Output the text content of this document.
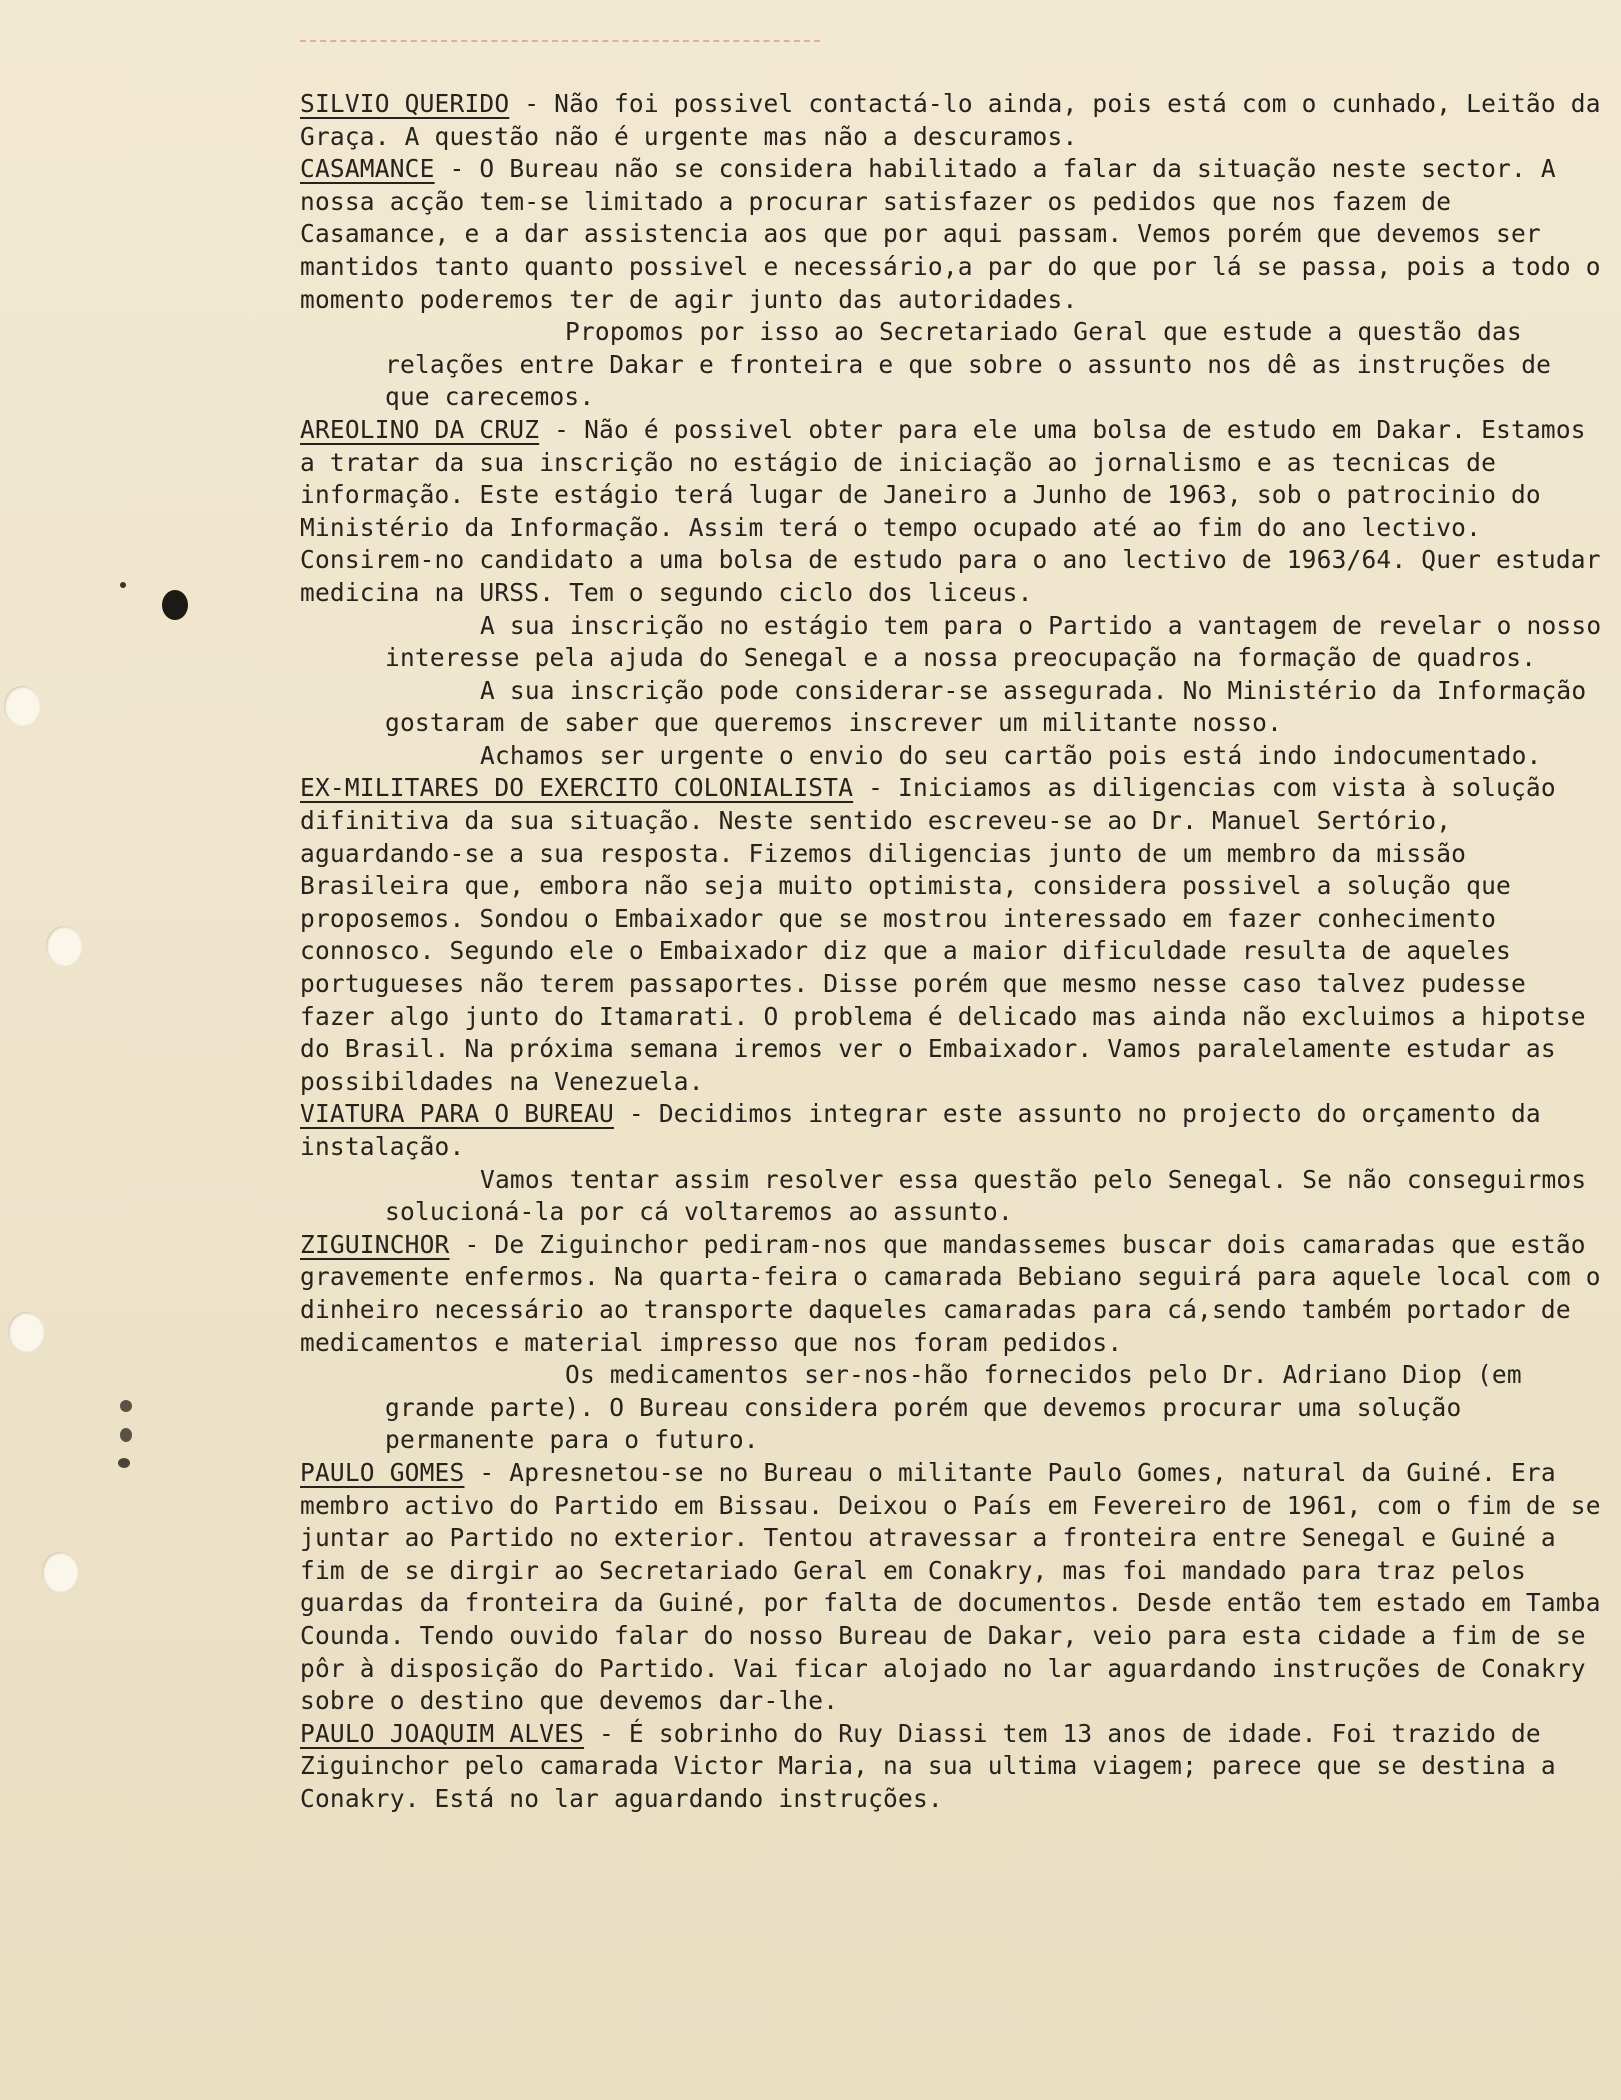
SILVIO QUERIDO - Não foi possivel contactá-lo ainda, pois está com o cunhado, Leitão da Graça. A questão não é urgente mas não a descuramos.

CASAMANCE - O Bureau não se considera habilitado a falar da situação neste sector. A nossa acção tem-se limitado a procurar satisfazer os pedidos que nos fazem de Casamance, e a dar assistencia aos que por aqui passam. Vemos porém que devemos ser mantidos tanto quanto possivel e necessário,a par do que por lá se passa, pois a todo o momento poderemos ter de agir junto das autoridades.

Propomos por isso ao Secretariado Geral que estude a questão das relações entre Dakar e fronteira e que sobre o assunto nos dê as instruções de que carecemos.

AREOLINO DA CRUZ - Não é possivel obter para ele uma bolsa de estudo em Dakar. Estamos a tratar da sua inscrição no estágio de iniciação ao jornalismo e as tecnicas de informação. Este estágio terá lugar de Janeiro a Junho de 1963, sob o patrocinio do Ministério da Informação. Assim terá o tempo ocupado até ao fim do ano lectivo. Consirem-no candidato a uma bolsa de estudo para o ano lectivo de 1963/64. Quer estudar medicina na URSS. Tem o segundo ciclo dos liceus.

A sua inscrição no estágio tem para o Partido a vantagem de revelar o nosso interesse pela ajuda do Senegal e a nossa preocupação na formação de quadros.

A sua inscrição pode considerar-se assegurada. No Ministério da Informação gostaram de saber que queremos inscrever um militante nosso.

Achamos ser urgente o envio do seu cartão pois está indo indocumentado.

EX-MILITARES DO EXERCITO COLONIALISTA - Iniciamos as diligencias com vista à solução difinitiva da sua situação. Neste sentido escreveu-se ao Dr. Manuel Sertório, aguardando-se a sua resposta. Fizemos diligencias junto de um membro da missão Brasileira que, embora não seja muito optimista, considera possivel a solução que proposemos. Sondou o Embaixador que se mostrou interessado em fazer conhecimento connosco. Segundo ele o Embaixador diz que a maior dificuldade resulta de aqueles portugueses não terem passaportes. Disse porém que mesmo nesse caso talvez pudesse fazer algo junto do Itamarati. O problema é delicado mas ainda não excluimos a hipotse do Brasil. Na próxima semana iremos ver o Embaixador. Vamos paralelamente estudar as possibildades na Venezuela.

VIATURA PARA O BUREAU - Decidimos integrar este assunto no projecto do orçamento da instalação.

Vamos tentar assim resolver essa questão pelo Senegal. Se não conseguirmos solucioná-la por cá voltaremos ao assunto.

ZIGUINCHOR - De Ziguinchor pediram-nos que mandassemes buscar dois camaradas que estão gravemente enfermos. Na quarta-feira o camarada Bebiano seguirá para aquele local com o dinheiro necessário ao transporte daqueles camaradas para cá,sendo também portador de medicamentos e material impresso que nos foram pedidos.

Os medicamentos ser-nos-hão fornecidos pelo Dr. Adriano Diop (em grande parte). O Bureau considera porém que devemos procurar uma solução permanente para o futuro.

PAULO GOMES - Apresnetou-se no Bureau o militante Paulo Gomes, natural da Guiné. Era membro activo do Partido em Bissau. Deixou o País em Fevereiro de 1961, com o fim de se juntar ao Partido no exterior. Tentou atravessar a fronteira entre Senegal e Guiné a fim de se dirgir ao Secretariado Geral em Conakry, mas foi mandado para traz pelos guardas da fronteira da Guiné, por falta de documentos. Desde então tem estado em Tamba Counda. Tendo ouvido falar do nosso Bureau de Dakar, veio para esta cidade a fim de se pôr à disposição do Partido. Vai ficar alojado no lar aguardando instruções de Conakry sobre o destino que devemos dar-lhe.

PAULO JOAQUIM ALVES - É sobrinho do Ruy Diassi tem 13 anos de idade. Foi trazido de Ziguinchor pelo camarada Victor Maria, na sua ultima viagem; parece que se destina a Conakry. Está no lar aguardando instruções.
